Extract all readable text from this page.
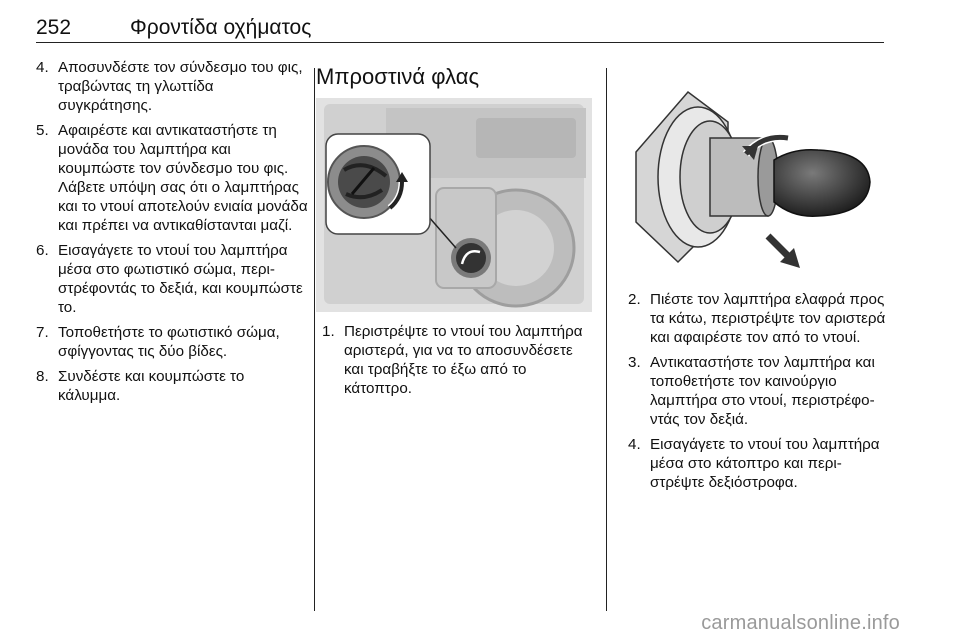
252	Φροντίδα οχήματος
4. Αποσυνδέστε τον σύνδεσμο του φις, τραβώντας τη γλωττίδα συγκράτησης.
5. Αφαιρέστε και αντικαταστήστε τη μονάδα του λαμπτήρα και κουμπώστε τον σύνδεσμο του φις. Λάβετε υπόψη σας ότι ο λαμπτήρας και το ντουί αποτελούν ενιαία μονάδα και πρέπει να αντικαθίστανται μαζί.
6. Εισαγάγετε το ντουί του λαμπτήρα μέσα στο φωτιστικό σώμα, περιστρέφοντάς το δεξιά, και κουμπώστε το.
7. Τοποθετήστε το φωτιστικό σώμα, σφίγγοντας τις δύο βίδες.
8. Συνδέστε και κουμπώστε το κάλυμμα.
Μπροστινά φλας
1. Περιστρέψτε το ντουί του λαμπτήρα αριστερά, για να το αποσυνδέσετε και τραβήξτε το έξω από το κάτοπτρο.
2. Πιέστε τον λαμπτήρα ελαφρά προς τα κάτω, περιστρέψτε τον αριστερά και αφαιρέστε τον από το ντουί.
3. Αντικαταστήστε τον λαμπτήρα και τοποθετήστε τον καινούργιο λαμπτήρα στο ντουί, περιστρέφοντάς τον δεξιά.
4. Εισαγάγετε το ντουί του λαμπτήρα μέσα στο κάτοπτρο και περιστρέψτε δεξιόστροφα.
carmanualsonline.info
